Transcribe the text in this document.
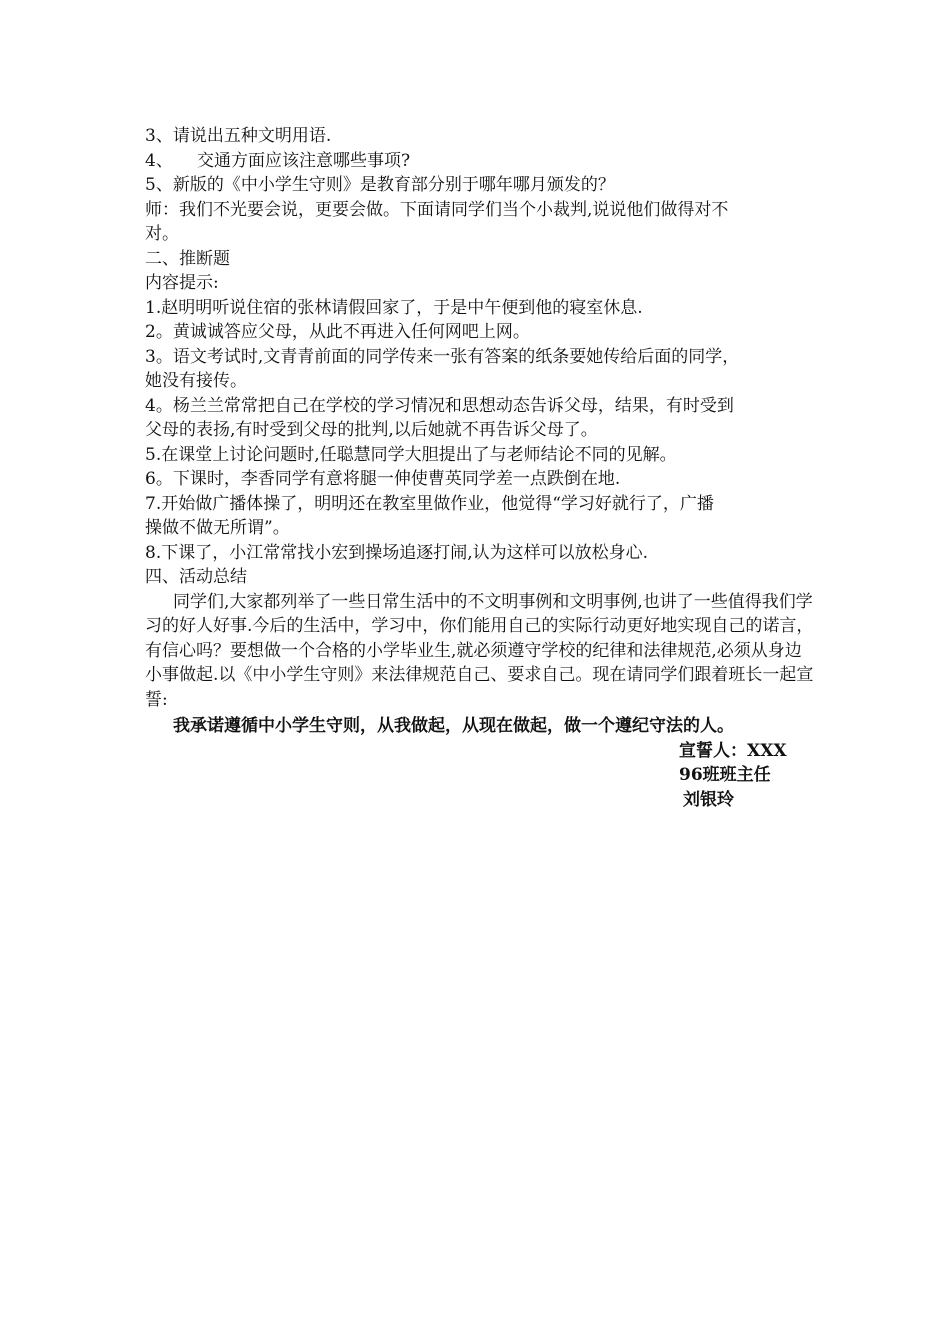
3、请说出五种文明用语.
4、 交通方面应该注意哪些事项?
5、新版的《中小学生守则》是教育部分别于哪年哪月颁发的？
师：我们不光要会说，更要会做。下面请同学们当个小裁判,说说他们做得对不
对。
二、推断题
内容提示:
1.赵明明听说住宿的张林请假回家了，于是中午便到他的寝室休息.
2。黄诚诚答应父母，从此不再进入任何网吧上网。
3。语文考试时,文青青前面的同学传来一张有答案的纸条要她传给后面的同学，
她没有接传。
4。杨兰兰常常把自己在学校的学习情况和思想动态告诉父母，结果，有时受到
父母的表扬,有时受到父母的批判,以后她就不再告诉父母了。
5.在课堂上讨论问题时,任聪慧同学大胆提出了与老师结论不同的见解。
6。下课时，李香同学有意将腿一伸使曹英同学差一点跌倒在地.
7.开始做广播体操了，明明还在教室里做作业，他觉得“学习好就行了，广播
操做不做无所谓”。
8.下课了，小江常常找小宏到操场追逐打闹,认为这样可以放松身心.
四、活动总结
同学们,大家都列举了一些日常生活中的不文明事例和文明事例,也讲了一些值得我们学习的好人好事.今后的生活中，学习中，你们能用自己的实际行动更好地实现自己的诺言，有信心吗？要想做一个合格的小学毕业生,就必须遵守学校的纪律和法律规范,必须从身边小事做起.以《中小学生守则》来法律规范自己、要求自己。现在请同学们跟着班长一起宣誓:
我承诺遵循中小学生守则，从我做起，从现在做起，做一个遵纪守法的人。
宣誓人：XXX
96班班主任
刘银玲
